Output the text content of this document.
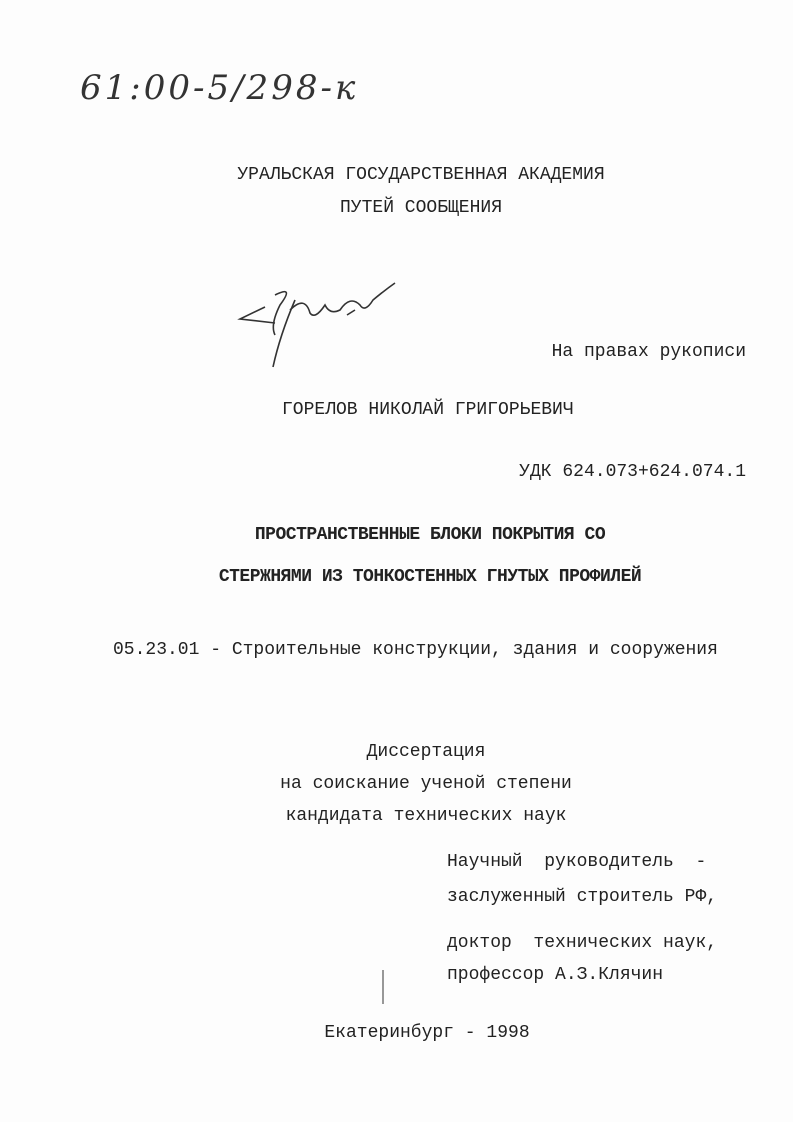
61:00-5/298-к
УРАЛЬСКАЯ ГОСУДАРСТВЕННАЯ АКАДЕМИЯ
ПУТЕЙ СООБЩЕНИЯ
На правах рукописи
ГОРЕЛОВ НИКОЛАЙ ГРИГОРЬЕВИЧ
УДК 624.073+624.074.1
ПРОСТРАНСТВЕННЫЕ БЛОКИ ПОКРЫТИЯ СО
СТЕРЖНЯМИ ИЗ ТОНКОСТЕННЫХ ГНУТЫХ ПРОФИЛЕЙ
05.23.01 - Строительные конструкции, здания и сооружения
Диссертация
на соискание ученой степени
кандидата технических наук
Научный  руководитель  -
заслуженный строитель РФ,
доктор  технических наук,
профессор А.З.Клячин
Екатеринбург - 1998
